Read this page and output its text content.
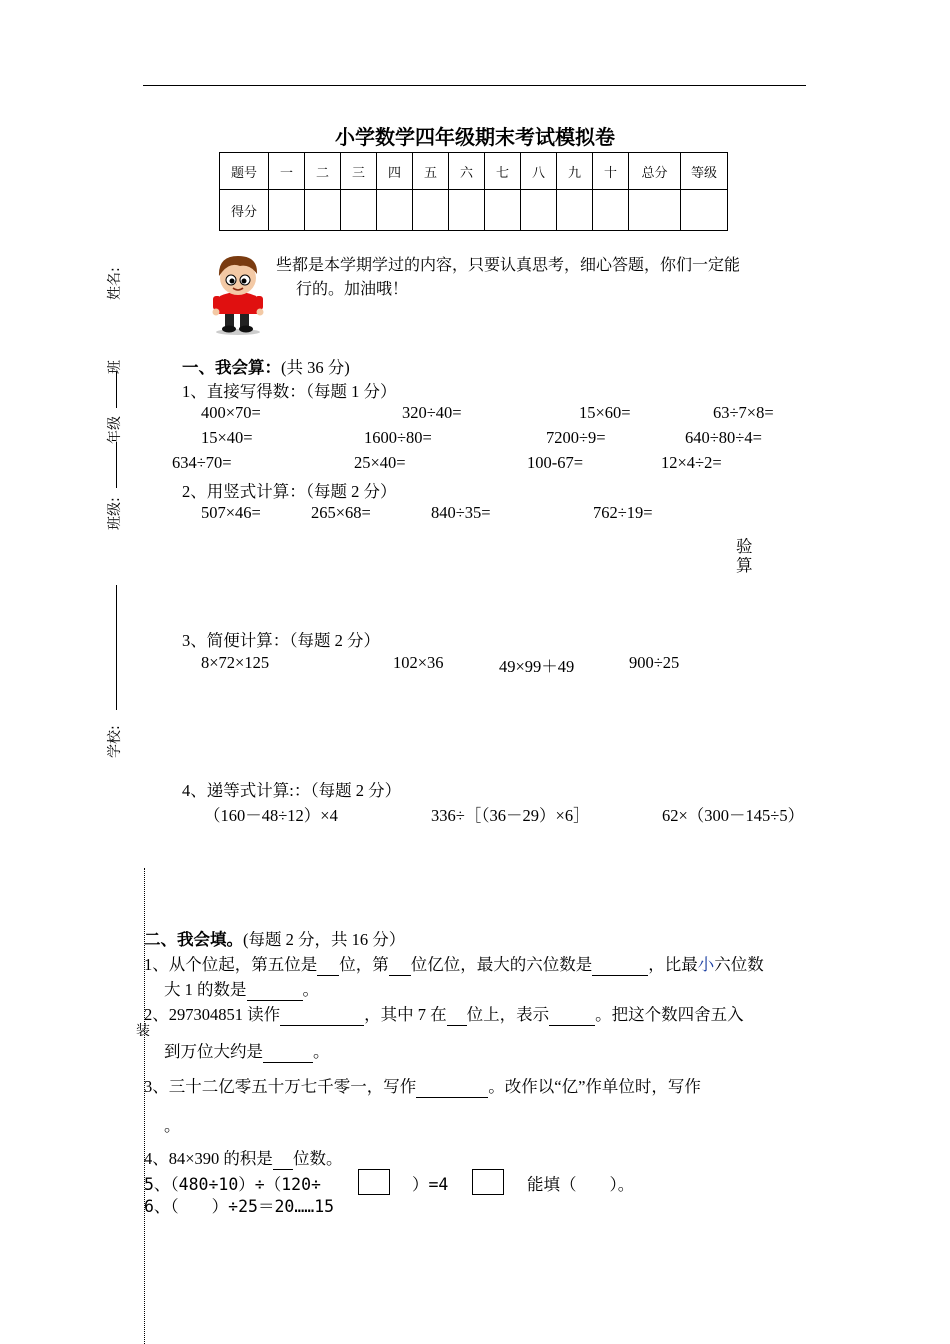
小学数学四年级期末考试模拟卷
题号	一	二	三	四	五	六	七	八	九	十	总分	等级
得分												
姓名:
班
年级
班级:
学校:
装
些都是本学期学过的内容，只要认真思考，细心答题，你们一定能
行的。加油哦！
一、我会算：(共 36 分)
1、直接写得数：（每题 1 分）
400×70=	320÷40=	15×60=	63÷7×8=
15×40=	1600÷80=	7200÷9=	640÷80÷4=
634÷70=	25×40=	100-67=	12×4÷2=
2、用竖式计算：（每题 2 分）
507×46=	265×68=	840÷35=	762÷19=
验算
3、简便计算：（每题 2 分）
8×72×125	102×36	49×99＋49	900÷25
4、递等式计算:：（每题 2 分）
（160－48÷12）×4	336÷［（36－29）×6］	62×（300－145÷5）
二、我会填。(每题 2 分，共 16 分）
1、从个位起，第五位是 位，第 位亿位，最大的六位数是	，比最小六位数
大 1 的数是	。
2、297304851 读作	，其中 7 在 位上，表示	。把这个数四舍五入
到万位大约是	。
3、三十二亿零五十万七千零一，写作	。改作以“亿”作单位时，写作
。
4、84×390 的积是 位数。
5、（480÷10）÷（120÷	）=4	能填（　　）。
6、（　　）÷25＝20……15
